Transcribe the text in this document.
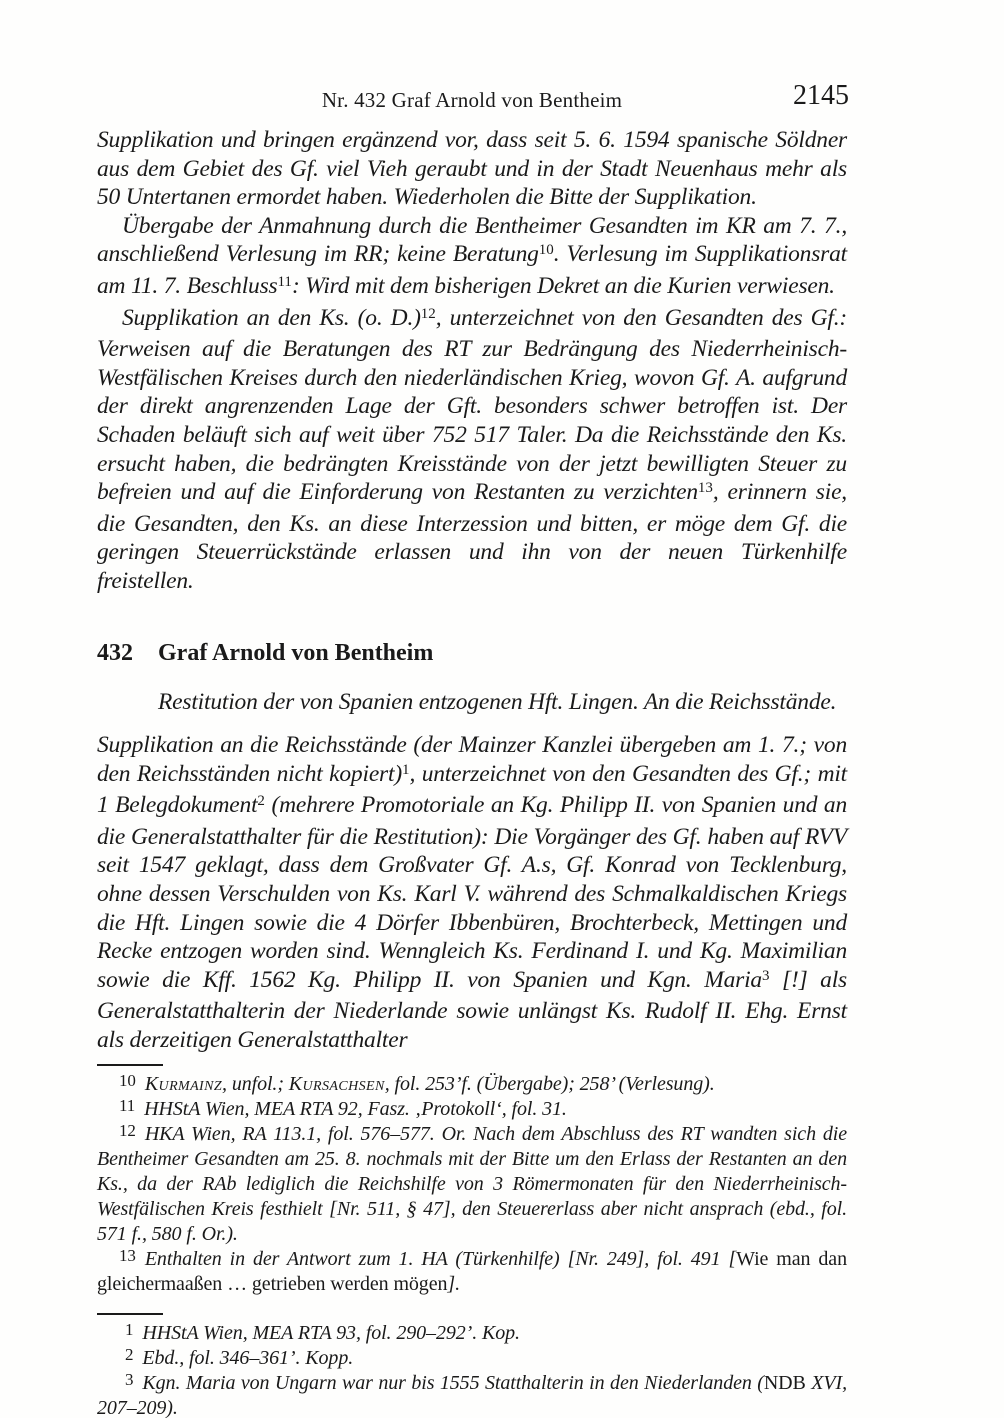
Nr. 432 Graf Arnold von Bentheim	2145

Supplikation und bringen ergänzend vor, dass seit 5. 6. 1594 spanische Söldner aus dem Gebiet des Gf. viel Vieh geraubt und in der Stadt Neuenhaus mehr als 50 Untertanen ermordet haben. Wiederholen die Bitte der Supplikation.

Übergabe der Anmahnung durch die Bentheimer Gesandten im KR am 7. 7., anschließend Verlesung im RR; keine Beratung$^{10}$. Verlesung im Supplikationsrat am 11. 7. Beschluss$^{11}$: Wird mit dem bisherigen Dekret an die Kurien verwiesen.

Supplikation an den Ks. (o. D.)$^{12}$, unterzeichnet von den Gesandten des Gf.: Verweisen auf die Beratungen des RT zur Bedrängung des Niederrheinisch-Westfälischen Kreises durch den niederländischen Krieg, wovon Gf. A. aufgrund der direkt angrenzenden Lage der Gft. besonders schwer betroffen ist. Der Schaden beläuft sich auf weit über 752 517 Taler. Da die Reichsstände den Ks. ersucht haben, die bedrängten Kreisstände von der jetzt bewilligten Steuer zu befreien und auf die Einforderung von Restanten zu verzichten$^{13}$, erinnern sie, die Gesandten, den Ks. an diese Interzession und bitten, er möge dem Gf. die geringen Steuerrückstände erlassen und ihn von der neuen Türkenhilfe freistellen.

432	Graf Arnold von Bentheim
Restitution der von Spanien entzogenen Hft. Lingen. An die Reichsstände.

Supplikation an die Reichsstände (der Mainzer Kanzlei übergeben am 1. 7.; von den Reichsständen nicht kopiert)$^1$, unterzeichnet von den Gesandten des Gf.; mit 1 Belegdokument$^2$ (mehrere Promotoriale an Kg. Philipp II. von Spanien und an die Generalstatthalter für die Restitution): Die Vorgänger des Gf. haben auf RVV seit 1547 geklagt, dass dem Großvater Gf. A.s, Gf. Konrad von Tecklenburg, ohne dessen Verschulden von Ks. Karl V. während des Schmalkaldischen Kriegs die Hft. Lingen sowie die 4 Dörfer Ibbenbüren, Brochterbeck, Mettingen und Recke entzogen worden sind. Wenngleich Ks. Ferdinand I. und Kg. Maximilian sowie die Kff. 1562 Kg. Philipp II. von Spanien und Kgn. Maria$^3$ [!] als Generalstatthalterin der Niederlande sowie unlängst Ks. Rudolf II. Ehg. Ernst als derzeitigen Generalstatthalter

$^{10}$ Kurmainz, unfol.; Kursachsen, fol. 253’f. (Übergabe); 258’ (Verlesung).

$^{11}$ HHStA Wien, MEA RTA 92, Fasz. ‚Protokoll‘, fol. 31.

$^{12}$ HKA Wien, RA 113.1, fol. 576–577. Or. Nach dem Abschluss des RT wandten sich die Bentheimer Gesandten am 25. 8. nochmals mit der Bitte um den Erlass der Restanten an den Ks., da der RAb lediglich die Reichshilfe von 3 Römermonaten für den Niederrheinisch-Westfälischen Kreis festhielt [Nr. 511, § 47], den Steuererlass aber nicht ansprach (ebd., fol. 571 f., 580 f. Or.).

$^{13}$ Enthalten in der Antwort zum 1. HA (Türkenhilfe) [Nr. 249], fol. 491 [Wie man dan gleichermaaßen … getrieben werden mögen].

$^1$ HHStA Wien, MEA RTA 93, fol. 290–292’. Kop.

$^2$ Ebd., fol. 346–361’. Kopp.

$^3$ Kgn. Maria von Ungarn war nur bis 1555 Statthalterin in den Niederlanden (NDB XVI, 207–209).
